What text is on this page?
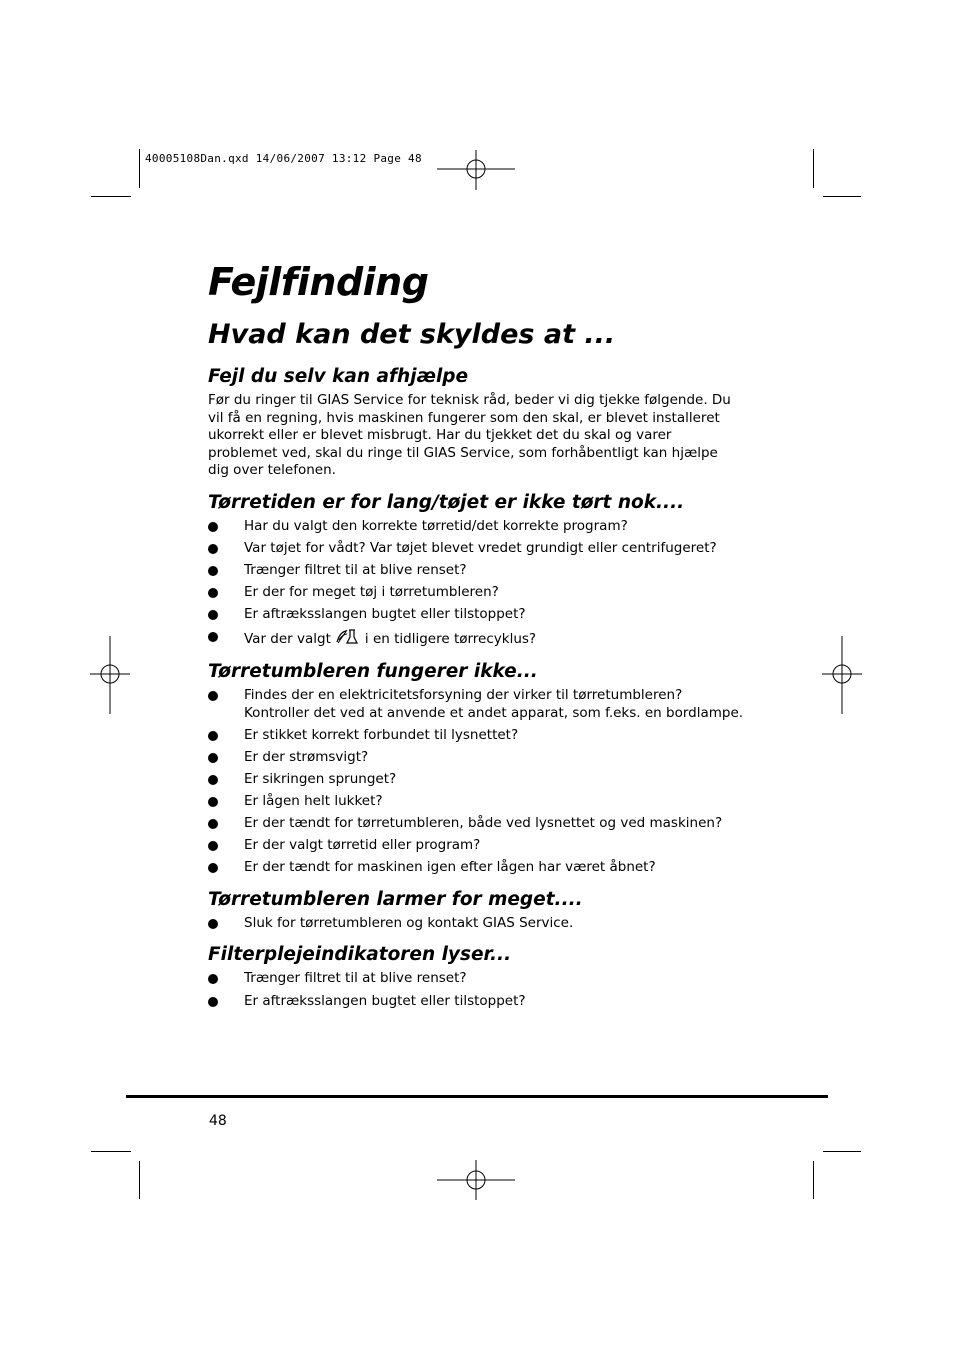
40005108Dan.qxd 14/06/2007 13:12 Page 48
Fejlfinding
Hvad kan det skyldes at ...
Fejl du selv kan afhjælpe

Før du ringer til GIAS Service for teknisk råd, beder vi dig tjekke følgende. Du vil få en regning, hvis maskinen fungerer som den skal, er blevet installeret ukorrekt eller er blevet misbrugt. Har du tjekket det du skal og varer problemet ved, skal du ringe til GIAS Service, som forhåbentligt kan hjælpe dig over telefonen.

Tørretiden er for lang/tøjet er ikke tørt nok....
Har du valgt den korrekte tørretid/det korrekte program?
Var tøjet for vådt? Var tøjet blevet vredet grundigt eller centrifugeret?
Trænger filtret til at blive renset?
Er der for meget tøj i tørretumbleren?
Er aftræksslangen bugtet eller tilstoppet?
Var der valgt	i en tidligere tørrecyklus?
Tørretumbleren fungerer ikke...
Findes der en elektricitetsforsyning der virker til tørretumbleren? Kontroller det ved at anvende et andet apparat, som f.eks. en bordlampe.
Er stikket korrekt forbundet til lysnettet?
Er der strømsvigt?
Er sikringen sprunget?
Er lågen helt lukket?
Er der tændt for tørretumbleren, både ved lysnettet og ved maskinen?
Er der valgt tørretid eller program?
Er der tændt for maskinen igen efter lågen har været åbnet?
Tørretumbleren larmer for meget....
Sluk for tørretumbleren og kontakt GIAS Service.
Filterplejeindikatoren lyser...
Trænger filtret til at blive renset?
Er aftræksslangen bugtet eller tilstoppet?
48
